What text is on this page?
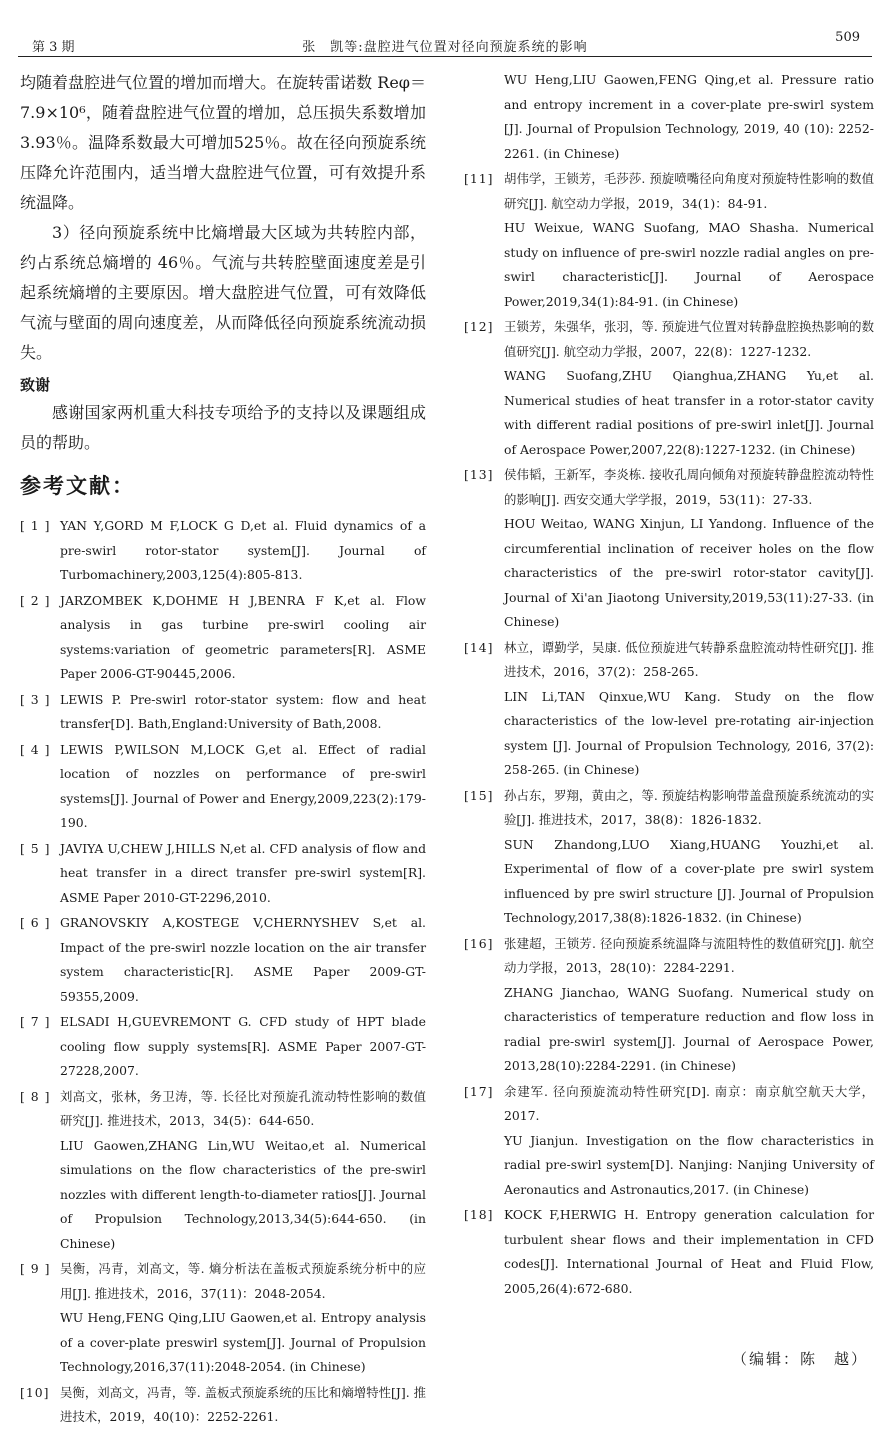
第 3 期	张　凯等:盘腔进气位置对径向预旋系统的影响
509

均随着盘腔进气位置的增加而增大。在旋转雷诺数 Reφ＝7.9×10⁶，随着盘腔进气位置的增加，总压损失系数增加 3.93％。温降系数最大可增加525％。故在径向预旋系统压降允许范围内，适当增大盘腔进气位置，可有效提升系统温降。

3）径向预旋系统中比熵增最大区域为共转腔内部，约占系统总熵增的 46％。气流与共转腔壁面速度差是引起系统熵增的主要原因。增大盘腔进气位置，可有效降低气流与壁面的周向速度差，从而降低径向预旋系统流动损失。

致谢

感谢国家两机重大科技专项给予的支持以及课题组成员的帮助。

参考文献：
[ 1 ] YAN Y,GORD M F,LOCK G D,et al. Fluid dynamics of a pre-swirl rotor-stator system[J]. Journal of Turbomachinery,2003,125(4):805-813.
[ 2 ] JARZOMBEK K,DOHME H J,BENRA F K,et al. Flow analysis in gas turbine pre-swirl cooling air systems:variation of geometric parameters[R]. ASME Paper 2006-GT-90445,2006.
[ 3 ] LEWIS P. Pre-swirl rotor-stator system: flow and heat transfer[D]. Bath,England:University of Bath,2008.
[ 4 ] LEWIS P,WILSON M,LOCK G,et al. Effect of radial location of nozzles on performance of pre-swirl systems[J]. Journal of Power and Energy,2009,223(2):179-190.
[ 5 ] JAVIYA U,CHEW J,HILLS N,et al. CFD analysis of flow and heat transfer in a direct transfer pre-swirl system[R]. ASME Paper 2010-GT-2296,2010.
[ 6 ] GRANOVSKIY A,KOSTEGE V,CHERNYSHEV S,et al. Impact of the pre-swirl nozzle location on the air transfer system characteristic[R]. ASME Paper 2009-GT-59355,2009.
[ 7 ] ELSADI H,GUEVREMONT G. CFD study of HPT blade cooling flow supply systems[R]. ASME Paper 2007-GT-27228,2007.
[ 8 ] 刘高文，张林，务卫涛，等. 长径比对预旋孔流动特性影响的数值研究[J]. 推进技术，2013，34(5)：644-650.
LIU Gaowen,ZHANG Lin,WU Weitao,et al. Numerical simulations on the flow characteristics of the pre-swirl nozzles with different length-to-diameter ratios[J]. Journal of Propulsion Technology,2013,34(5):644-650. (in Chinese)
[ 9 ] 吴衡，冯青，刘高文，等. 熵分析法在盖板式预旋系统分析中的应用[J]. 推进技术，2016，37(11)：2048-2054.
WU Heng,FENG Qing,LIU Gaowen,et al. Entropy analysis of a cover-plate preswirl system[J]. Journal of Propulsion Technology,2016,37(11):2048-2054. (in Chinese)
[10] 吴衡，刘高文，冯青，等. 盖板式预旋系统的压比和熵增特性[J]. 推进技术，2019，40(10)：2252-2261.
WU Heng,LIU Gaowen,FENG Qing,et al. Pressure ratio and entropy increment in a cover-plate pre-swirl system [J]. Journal of Propulsion Technology, 2019, 40 (10): 2252-2261. (in Chinese)
[11] 胡伟学，王锁芳，毛莎莎. 预旋喷嘴径向角度对预旋特性影响的数值研究[J]. 航空动力学报，2019，34(1)：84-91.
HU Weixue, WANG Suofang, MAO Shasha. Numerical study on influence of pre-swirl nozzle radial angles on pre-swirl characteristic[J]. Journal of Aerospace Power,2019,34(1):84-91. (in Chinese)
[12] 王锁芳，朱强华，张羽，等. 预旋进气位置对转静盘腔换热影响的数值研究[J]. 航空动力学报，2007，22(8)：1227-1232.
WANG Suofang,ZHU Qianghua,ZHANG Yu,et al. Numerical studies of heat transfer in a rotor-stator cavity with different radial positions of pre-swirl inlet[J]. Journal of Aerospace Power,2007,22(8):1227-1232. (in Chinese)
[13] 侯伟韬，王新军，李炎栋. 接收孔周向倾角对预旋转静盘腔流动特性的影响[J]. 西安交通大学学报，2019，53(11)：27-33.
HOU Weitao, WANG Xinjun, LI Yandong. Influence of the circumferential inclination of receiver holes on the flow characteristics of the pre-swirl rotor-stator cavity[J]. Journal of Xi'an Jiaotong University,2019,53(11):27-33. (in Chinese)
[14] 林立，谭勤学，吴康. 低位预旋进气转静系盘腔流动特性研究[J]. 推进技术，2016，37(2)：258-265.
LIN Li,TAN Qinxue,WU Kang. Study on the flow characteristics of the low-level pre-rotating air-injection system [J]. Journal of Propulsion Technology, 2016, 37(2): 258-265. (in Chinese)
[15] 孙占东，罗翔，黄由之，等. 预旋结构影响带盖盘预旋系统流动的实验[J]. 推进技术，2017，38(8)：1826-1832.
SUN Zhandong,LUO Xiang,HUANG Youzhi,et al. Experimental of flow of a cover-plate pre swirl system influenced by pre swirl structure [J]. Journal of Propulsion Technology,2017,38(8):1826-1832. (in Chinese)
[16] 张建超，王锁芳. 径向预旋系统温降与流阻特性的数值研究[J]. 航空动力学报，2013，28(10)：2284-2291.
ZHANG Jianchao, WANG Suofang. Numerical study on characteristics of temperature reduction and flow loss in radial pre-swirl system[J]. Journal of Aerospace Power, 2013,28(10):2284-2291. (in Chinese)
[17] 余建军. 径向预旋流动特性研究[D]. 南京：南京航空航天大学，2017.
YU Jianjun. Investigation on the flow characteristics in radial pre-swirl system[D]. Nanjing: Nanjing University of Aeronautics and Astronautics,2017. (in Chinese)
[18] KOCK F,HERWIG H. Entropy generation calculation for turbulent shear flows and their implementation in CFD codes[J]. International Journal of Heat and Fluid Flow, 2005,26(4):672-680.
（编辑：陈　越）
